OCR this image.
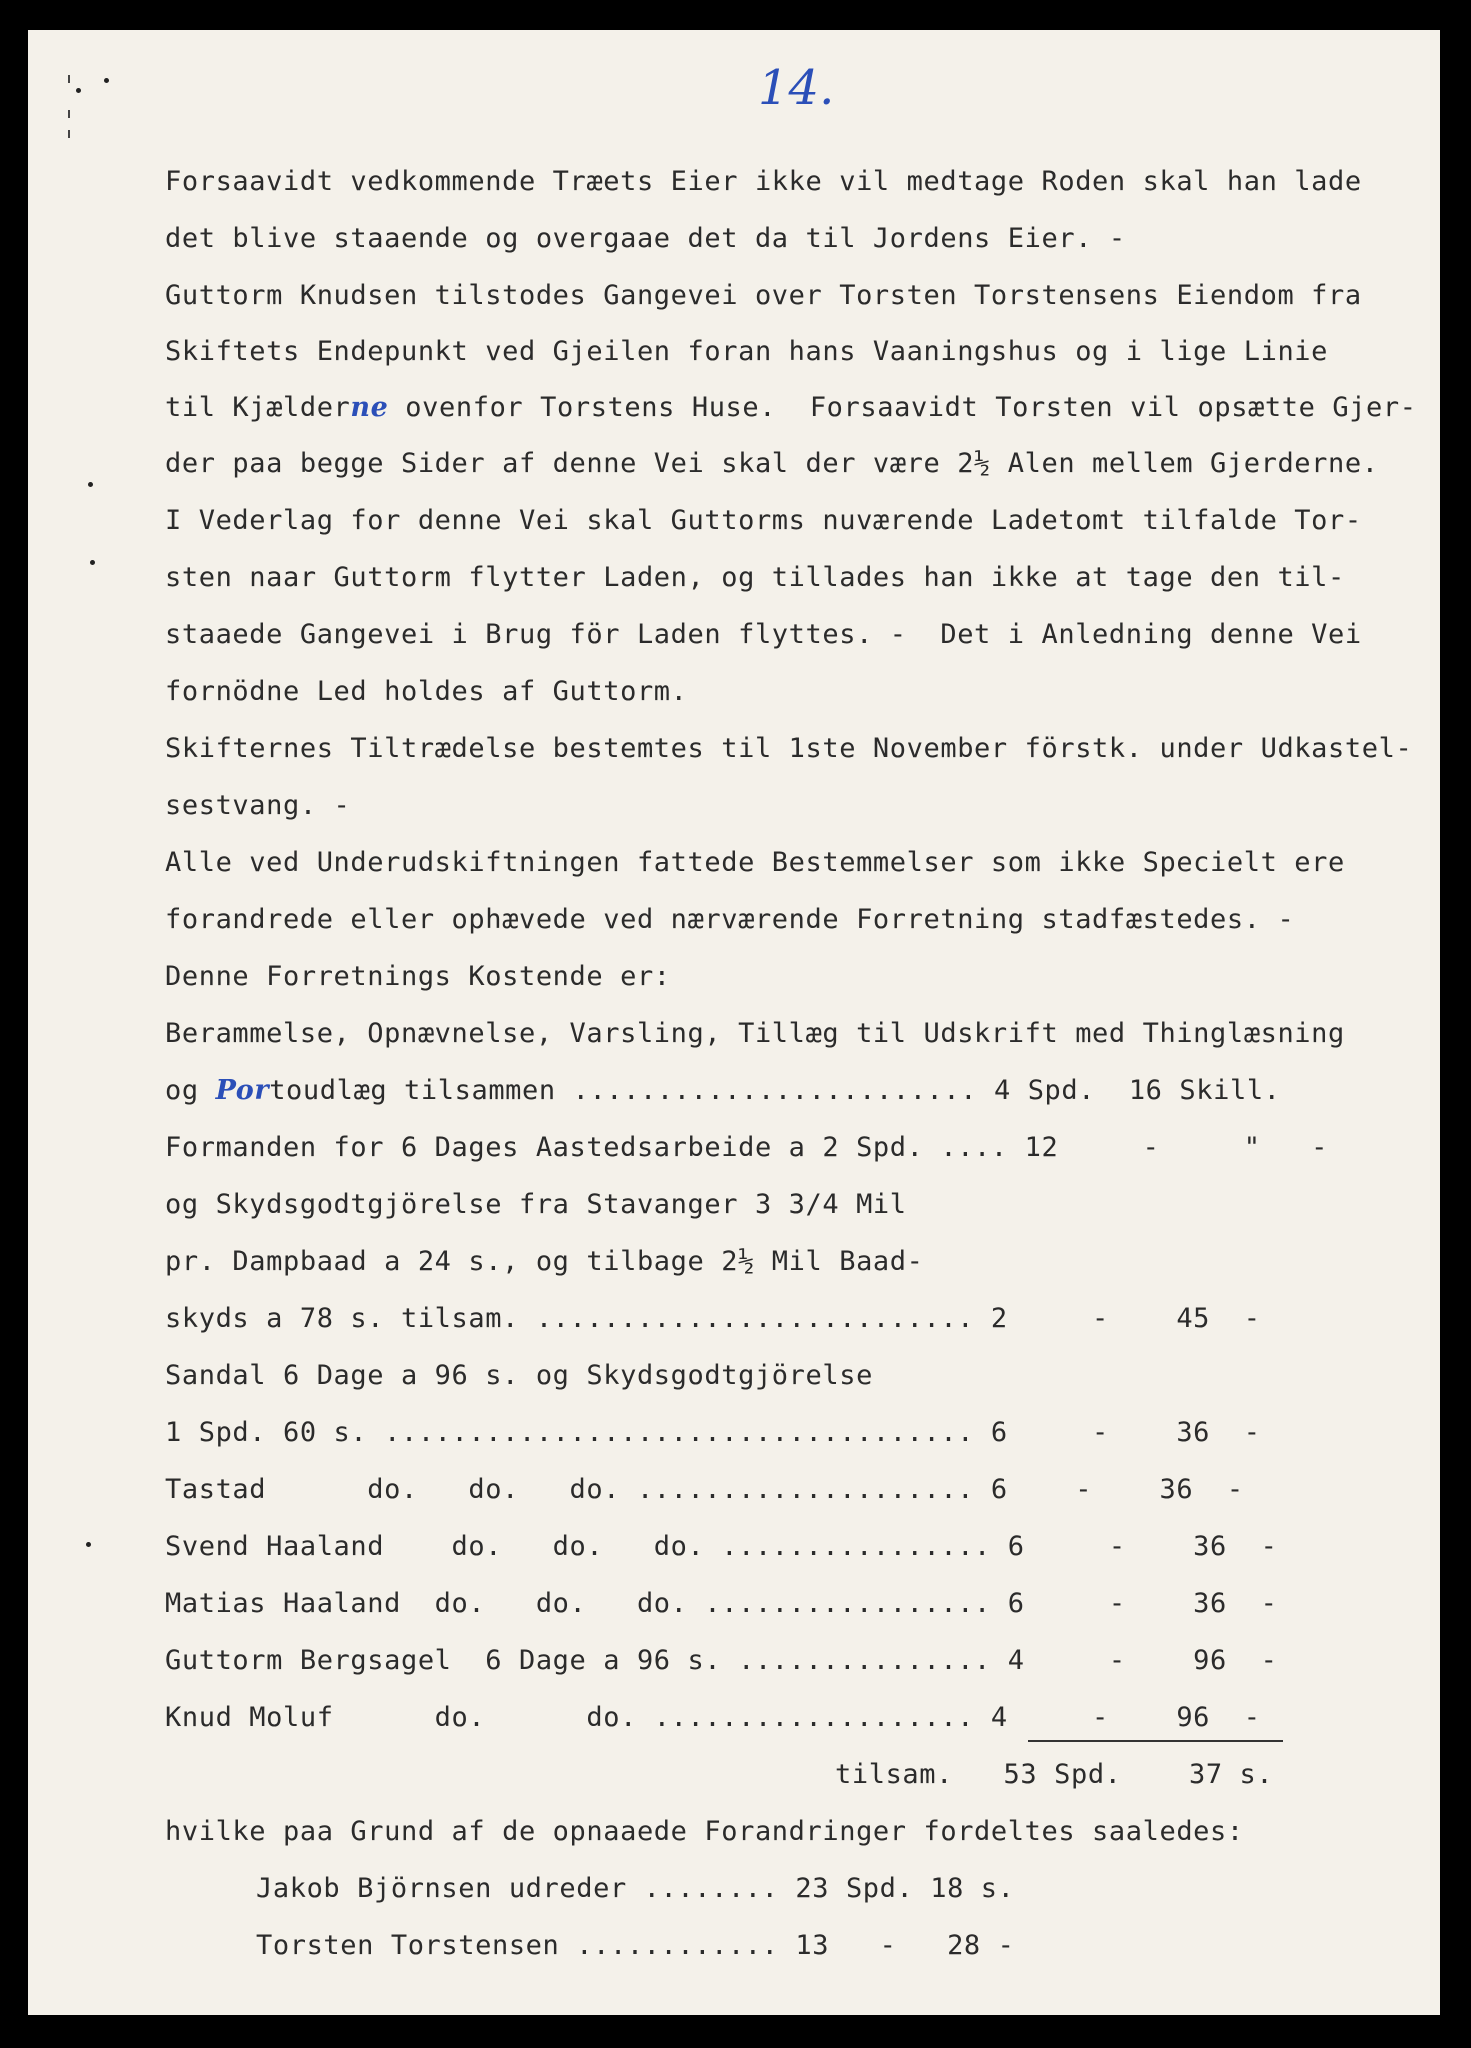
14.
Forsaavidt vedkommende Træets Eier ikke vil medtage Roden skal han lade
det blive staaende og overgaae det da til Jordens Eier. -
Guttorm Knudsen tilstodes Gangevei over Torsten Torstensens Eiendom fra
Skiftets Endepunkt ved Gjeilen foran hans Vaaningshus og i lige Linie
til Kjælderne ovenfor Torstens Huse.  Forsaavidt Torsten vil opsætte Gjer-
der paa begge Sider af denne Vei skal der være 2½ Alen mellem Gjerderne.
I Vederlag for denne Vei skal Guttorms nuværende Ladetomt tilfalde Tor-
sten naar Guttorm flytter Laden, og tillades han ikke at tage den til-
staaede Gangevei i Brug för Laden flyttes. -  Det i Anledning denne Vei
fornödne Led holdes af Guttorm.
Skifternes Tiltrædelse bestemtes til 1ste November förstk. under Udkastel-
sestvang. -
Alle ved Underudskiftningen fattede Bestemmelser som ikke Specielt ere
forandrede eller ophævede ved nærværende Forretning stadfæstedes. -
Denne Forretnings Kostende er:
Berammelse, Opnævnelse, Varsling, Tillæg til Udskrift med Thinglæsning
og Portoudlæg tilsammen ........................ 4 Spd.  16 Skill.
Formanden for 6 Dages Aastedsarbeide a 2 Spd. .... 12     -     "   -
og Skydsgodtgjörelse fra Stavanger 3 3/4 Mil
pr. Dampbaad a 24 s., og tilbage 2½ Mil Baad-
skyds a 78 s. tilsam. .......................... 2     -    45  -
Sandal 6 Dage a 96 s. og Skydsgodtgjörelse
1 Spd. 60 s. ................................... 6     -    36  -
Tastad      do.   do.   do. .................... 6    -    36  -
Svend Haaland    do.   do.   do. ................ 6     -    36  -
Matias Haaland  do.   do.   do. ................. 6     -    36  -
Guttorm Bergsagel  6 Dage a 96 s. ............... 4     -    96  -
Knud Moluf      do.      do. ................... 4     -    96  -
tilsam.   53 Spd.    37 s.
hvilke paa Grund af de opnaaede Forandringer fordeltes saaledes:
Jakob Björnsen udreder ........ 23 Spd. 18 s.
Torsten Torstensen ............ 13   -   28 -
